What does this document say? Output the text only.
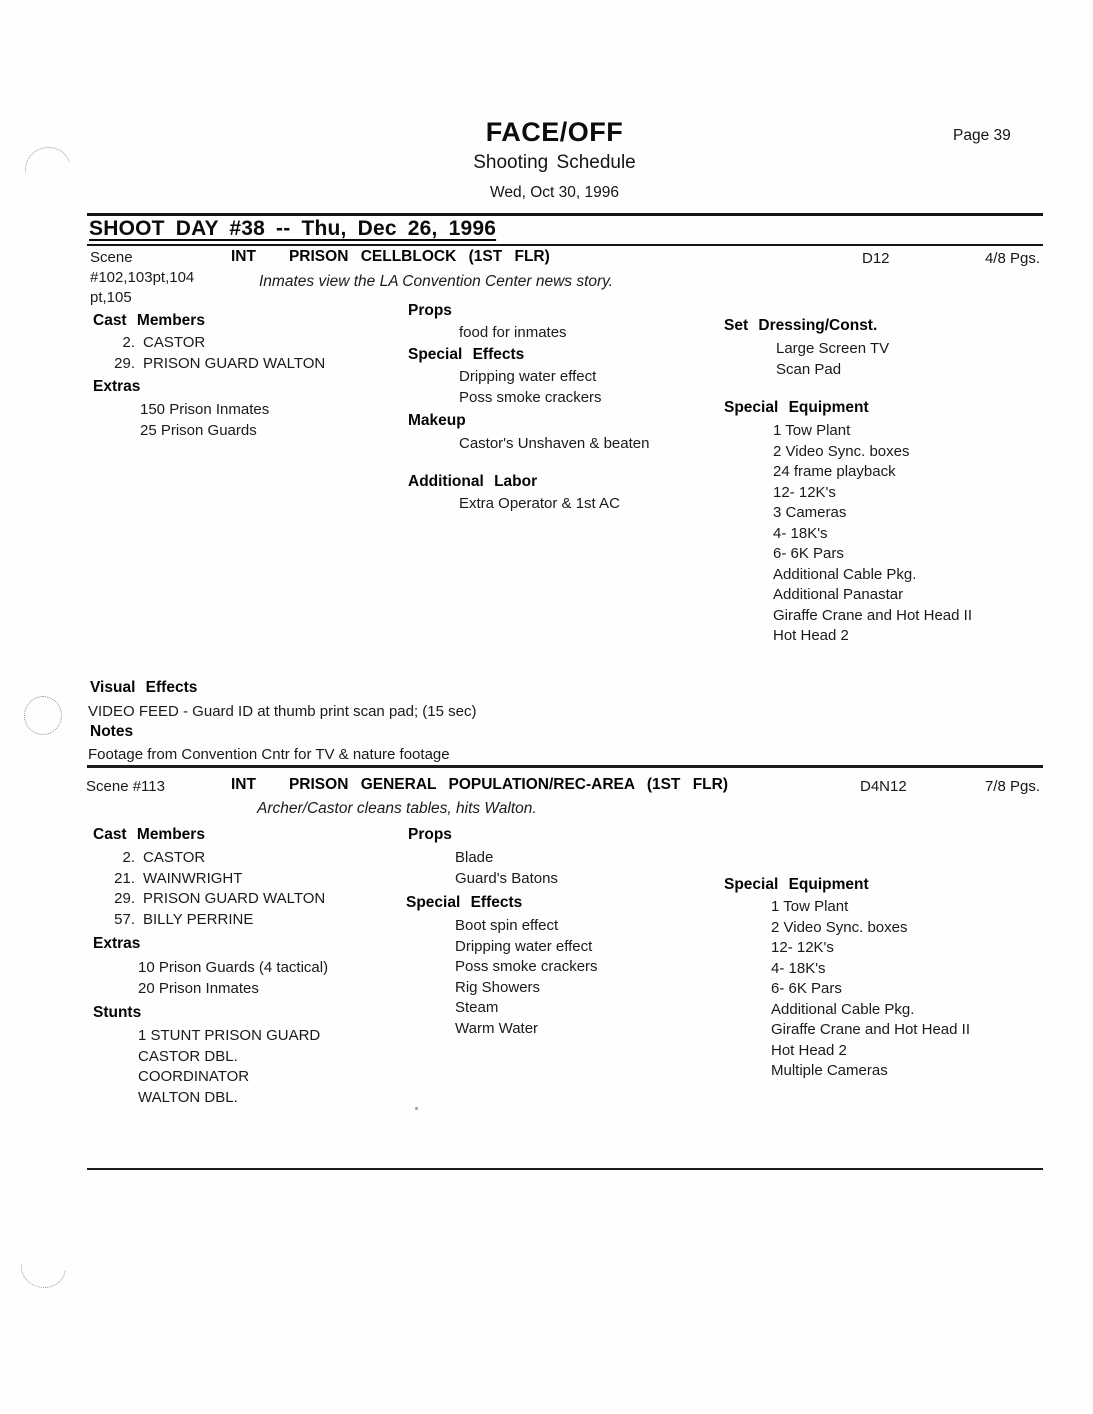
FACE/OFF	Page 39
Shooting Schedule
Wed, Oct 30, 1996
SHOOT DAY #38 -- Thu, Dec 26, 1996
Scene
#102,103pt,104
pt,105
INT PRISON CELLBLOCK (1ST FLR)	D12	4/8 Pgs.
Inmates view the LA Convention Center news story.
Cast Members
2. CASTOR
29. PRISON GUARD WALTON
Extras
150 Prison Inmates
25 Prison Guards
Props
food for inmates
Special Effects
Dripping water effect
Poss smoke crackers
Makeup
Castor's Unshaven & beaten
Additional Labor
Extra Operator & 1st AC
Set Dressing/Const.
Large Screen TV
Scan Pad
Special Equipment
1 Tow Plant
2 Video Sync. boxes
24 frame playback
12- 12K's
3 Cameras
4- 18K's
6- 6K Pars
Additional Cable Pkg.
Additional Panastar
Giraffe Crane and Hot Head II
Hot Head 2
Visual Effects
VIDEO FEED - Guard ID at thumb print scan pad; (15 sec)
Notes
Footage from Convention Cntr for TV & nature footage
Scene #113	INT PRISON GENERAL POPULATION/REC-AREA (1ST FLR)	D4N12	7/8 Pgs.
Archer/Castor cleans tables, hits Walton.
Cast Members
2. CASTOR
21. WAINWRIGHT
29. PRISON GUARD WALTON
57. BILLY PERRINE
Extras
10 Prison Guards (4 tactical)
20 Prison Inmates
Stunts
1 STUNT PRISON GUARD
CASTOR DBL.
COORDINATOR
WALTON DBL.
Props
Blade
Guard's Batons
Special Effects
Boot spin effect
Dripping water effect
Poss smoke crackers
Rig Showers
Steam
Warm Water
Special Equipment
1 Tow Plant
2 Video Sync. boxes
12- 12K's
4- 18K's
6- 6K Pars
Additional Cable Pkg.
Giraffe Crane and Hot Head II
Hot Head 2
Multiple Cameras
